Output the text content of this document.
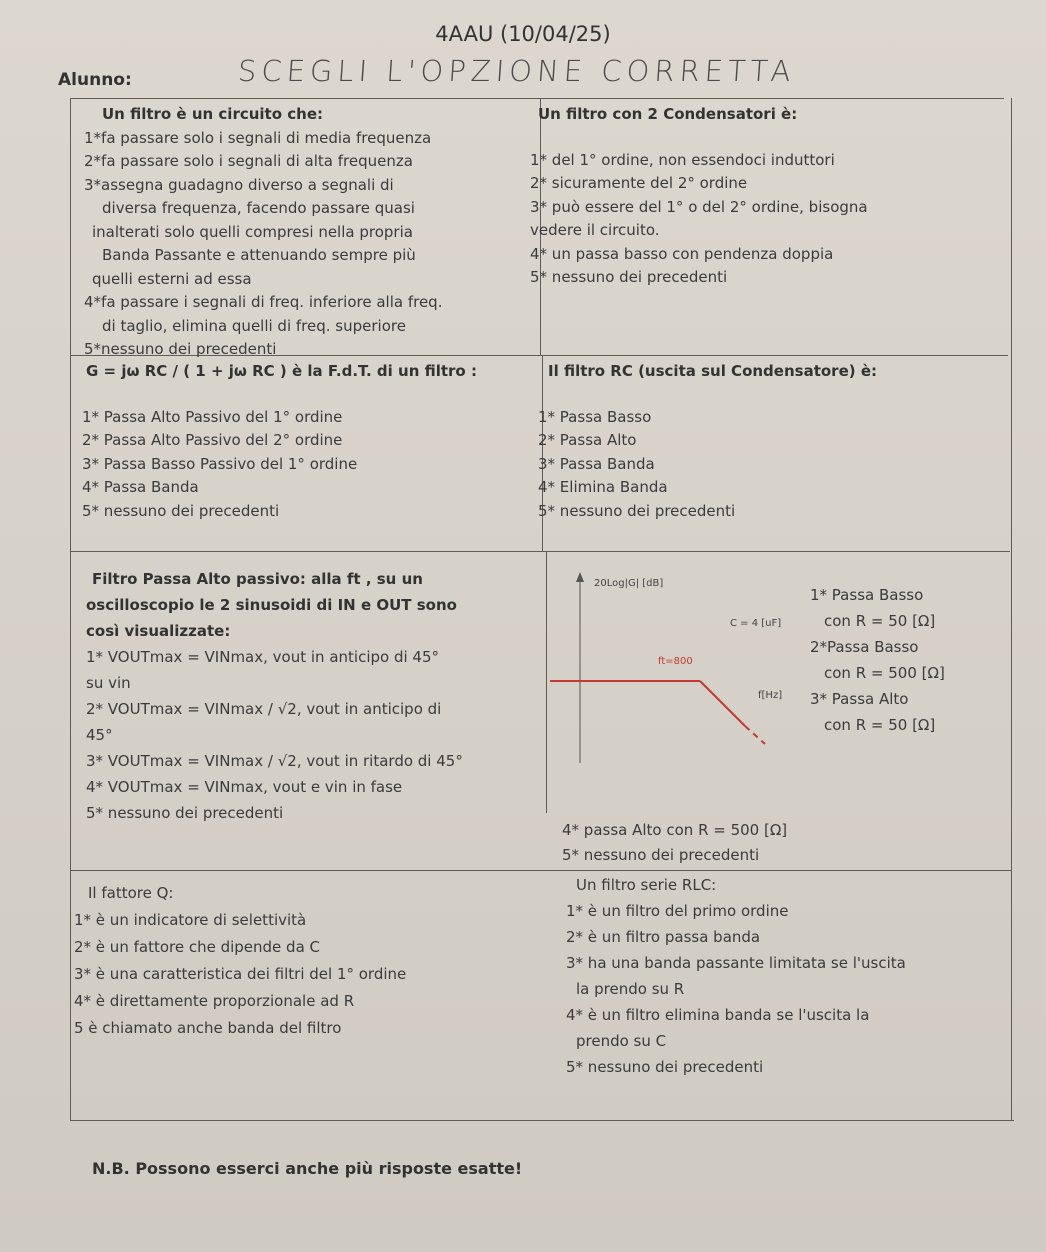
4AAU (10/04/25)
Alunno:	SCEGLI L'OPZIONE CORRETTA
Un filtro è un circuito che:
1*fa passare solo i segnali di media frequenza
2*fa passare solo i segnali di alta frequenza
3*assegna guadagno diverso a segnali di
diversa frequenza, facendo passare quasi
inalterati solo quelli compresi nella propria
Banda Passante e attenuando sempre più
quelli esterni ad essa
4*fa passare i segnali di freq. inferiore alla freq.
di taglio, elimina quelli di freq. superiore
5*nessuno dei precedenti
Un filtro con 2 Condensatori è:
1* del 1° ordine, non essendoci induttori
2* sicuramente del 2° ordine
3* può essere del 1° o del 2° ordine, bisogna
vedere il circuito.
4* un passa basso con pendenza doppia
5* nessuno dei precedenti
G = jω RC / ( 1 + jω RC ) è la F.d.T. di un filtro :
1* Passa Alto Passivo del 1° ordine
2* Passa Alto Passivo del 2° ordine
3* Passa Basso Passivo del 1° ordine
4* Passa Banda
5* nessuno dei precedenti
Il filtro RC (uscita sul Condensatore) è:
1* Passa Basso
2* Passa Alto
3* Passa Banda
4* Elimina Banda
5* nessuno dei precedenti
Filtro Passa Alto passivo: alla ft , su un
oscilloscopio le 2 sinusoidi di IN e OUT sono
così visualizzate:
1* VOUTmax = VINmax, vout in anticipo di 45°
su vin
2* VOUTmax = VINmax / √2, vout in anticipo di
45°
3* VOUTmax = VINmax / √2, vout in ritardo di 45°
4* VOUTmax = VINmax, vout e vin in fase
5* nessuno dei precedenti
20Log|G| [dB]
C = 4 [uF]
ft=800
f[Hz]
1* Passa Basso
con R = 50 [Ω]
2*Passa Basso
con R = 500 [Ω]
3* Passa Alto
con R = 50 [Ω]
4* passa Alto con R = 500 [Ω]
5* nessuno dei precedenti
Il fattore Q:
1* è un indicatore di selettività
2* è un fattore che dipende da C
3* è una caratteristica dei filtri del 1° ordine
4* è direttamente proporzionale ad R
5 è chiamato anche banda del filtro
Un filtro serie RLC:
1* è un filtro del primo ordine
2* è un filtro passa banda
3* ha una banda passante limitata se l'uscita
la prendo su R
4* è un filtro elimina banda se l'uscita la
prendo su C
5* nessuno dei precedenti
N.B. Possono esserci anche più risposte esatte!
